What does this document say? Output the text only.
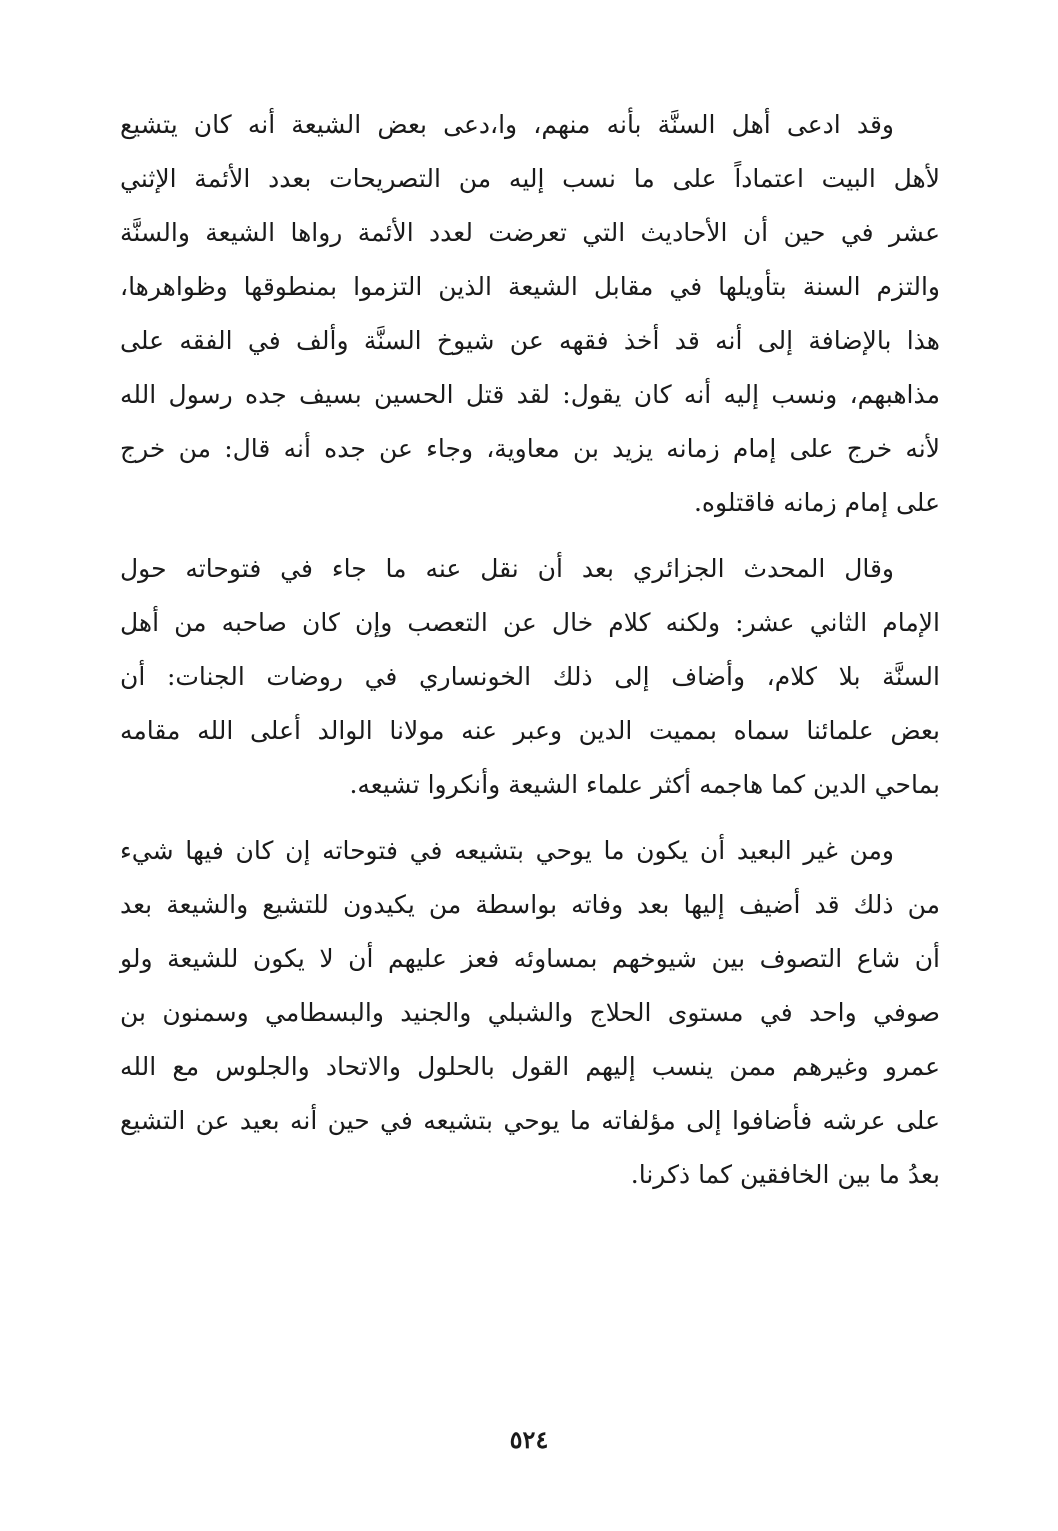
وقد ادعى أهل السنَّة بأنه منهم، وا،دعى بعض الشيعة أنه كان يتشيع
لأهل البيت اعتماداً على ما نسب إليه من التصريحات بعدد الأئمة الإثني
عشر في حين أن الأحاديث التي تعرضت لعدد الأئمة رواها الشيعة والسنَّة
والتزم السنة بتأويلها في مقابل الشيعة الذين التزموا بمنطوقها وظواهرها،
هذا بالإضافة إلى أنه قد أخذ فقهه عن شيوخ السنَّة وألف في الفقه على
مذاهبهم، ونسب إليه أنه كان يقول: لقد قتل الحسين بسيف جده رسول الله
لأنه خرج على إمام زمانه يزيد بن معاوية، وجاء عن جده أنه قال: من خرج
على إمام زمانه فاقتلوه.
وقال المحدث الجزائري بعد أن نقل عنه ما جاء في فتوحاته حول
الإمام الثاني عشر: ولكنه كلام خال عن التعصب وإن كان صاحبه من أهل
السنَّة بلا كلام، وأضاف إلى ذلك الخونساري في روضات الجنات: أن
بعض علمائنا سماه بمميت الدين وعبر عنه مولانا الوالد أعلى الله مقامه
بماحي الدين كما هاجمه أكثر علماء الشيعة وأنكروا تشيعه.
ومن غير البعيد أن يكون ما يوحي بتشيعه في فتوحاته إن كان فيها شيء
من ذلك قد أضيف إليها بعد وفاته بواسطة من يكيدون للتشيع والشيعة بعد
أن شاع التصوف بين شيوخهم بمساوئه فعز عليهم أن لا يكون للشيعة ولو
صوفي واحد في مستوى الحلاج والشبلي والجنيد والبسطامي وسمنون بن
عمرو وغيرهم ممن ينسب إليهم القول بالحلول والاتحاد والجلوس مع الله
على عرشه فأضافوا إلى مؤلفاته ما يوحي بتشيعه في حين أنه بعيد عن التشيع
بعدُ ما بين الخافقين كما ذكرنا.
٥٢٤
